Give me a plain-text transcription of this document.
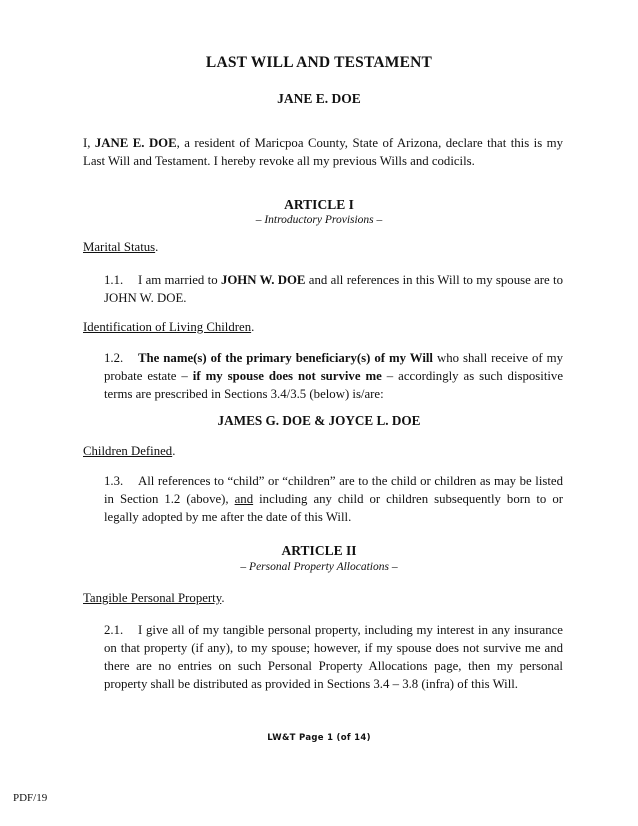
LAST WILL AND TESTAMENT
JANE E. DOE
I, JANE E. DOE, a resident of Maricpoa County, State of Arizona, declare that this is my Last Will and Testament. I hereby revoke all my previous Wills and codicils.
ARTICLE I
– Introductory Provisions –
Marital Status.
1.1. I am married to JOHN W. DOE and all references in this Will to my spouse are to JOHN W. DOE.
Identification of Living Children.
1.2. The name(s) of the primary beneficiary(s) of my Will who shall receive of my probate estate – if my spouse does not survive me – accordingly as such dispositive terms are prescribed in Sections 3.4/3.5 (below) is/are:
JAMES G. DOE & JOYCE L. DOE
Children Defined.
1.3. All references to “child” or “children” are to the child or children as may be listed in Section 1.2 (above), and including any child or children subsequently born to or legally adopted by me after the date of this Will.
ARTICLE II
– Personal Property Allocations –
Tangible Personal Property.
2.1. I give all of my tangible personal property, including my interest in any insurance on that property (if any), to my spouse; however, if my spouse does not survive me and there are no entries on such Personal Property Allocations page, then my personal property shall be distributed as provided in Sections 3.4 – 3.8 (infra) of this Will.
LW&T Page 1 (of 14)
PDF/19
